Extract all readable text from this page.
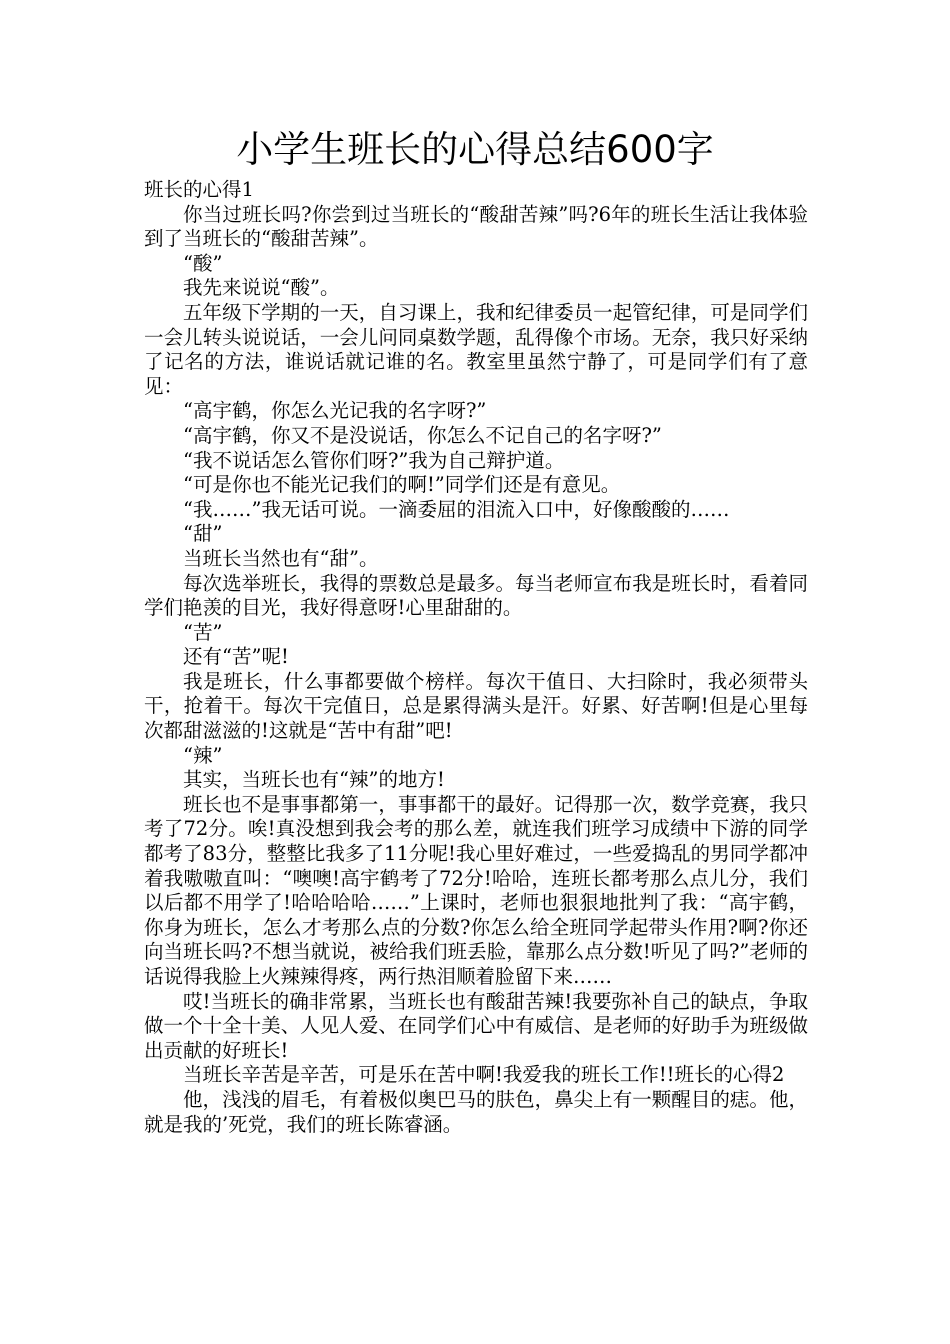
小学生班长的心得总结600字

班长的心得1

你当过班长吗?你尝到过当班长的“酸甜苦辣”吗?6年的班长生活让我体验到了当班长的“酸甜苦辣”。

“酸”

我先来说说“酸”。

五年级下学期的一天，自习课上，我和纪律委员一起管纪律，可是同学们一会儿转头说说话，一会儿问同桌数学题，乱得像个市场。无奈，我只好采纳了记名的方法，谁说话就记谁的名。教室里虽然宁静了，可是同学们有了意见：

“高宇鹤，你怎么光记我的名字呀?”

“高宇鹤，你又不是没说话，你怎么不记自己的名字呀?”

“我不说话怎么管你们呀?”我为自己辩护道。

“可是你也不能光记我们的啊!”同学们还是有意见。

“我……”我无话可说。一滴委屈的泪流入口中，好像酸酸的……

“甜”

当班长当然也有“甜”。

每次选举班长，我得的票数总是最多。每当老师宣布我是班长时，看着同学们艳羡的目光，我好得意呀!心里甜甜的。

“苦”

还有“苦”呢!

我是班长，什么事都要做个榜样。每次干值日、大扫除时，我必须带头干，抢着干。每次干完值日，总是累得满头是汗。好累、好苦啊!但是心里每次都甜滋滋的!这就是“苦中有甜”吧!

“辣”

其实，当班长也有“辣”的地方!

班长也不是事事都第一，事事都干的最好。记得那一次，数学竞赛，我只考了72分。唉!真没想到我会考的那么差，就连我们班学习成绩中下游的同学都考了83分，整整比我多了11分呢!我心里好难过，一些爱捣乱的男同学都冲着我嗷嗷直叫：“噢噢!高宇鹤考了72分!哈哈，连班长都考那么点儿分，我们以后都不用学了!哈哈哈哈……”上课时，老师也狠狠地批判了我：“高宇鹤，你身为班长，怎么才考那么点的分数?你怎么给全班同学起带头作用?啊?你还向当班长吗?不想当就说，被给我们班丢脸，靠那么点分数!听见了吗?”老师的话说得我脸上火辣辣得疼，两行热泪顺着脸留下来……

哎!当班长的确非常累，当班长也有酸甜苦辣!我要弥补自己的缺点，争取做一个十全十美、人见人爱、在同学们心中有威信、是老师的好助手为班级做出贡献的好班长!

当班长辛苦是辛苦，可是乐在苦中啊!我爱我的班长工作!!班长的心得2

他，浅浅的眉毛，有着极似奥巴马的肤色，鼻尖上有一颗醒目的痣。他，就是我的’死党，我们的班长陈睿涵。
